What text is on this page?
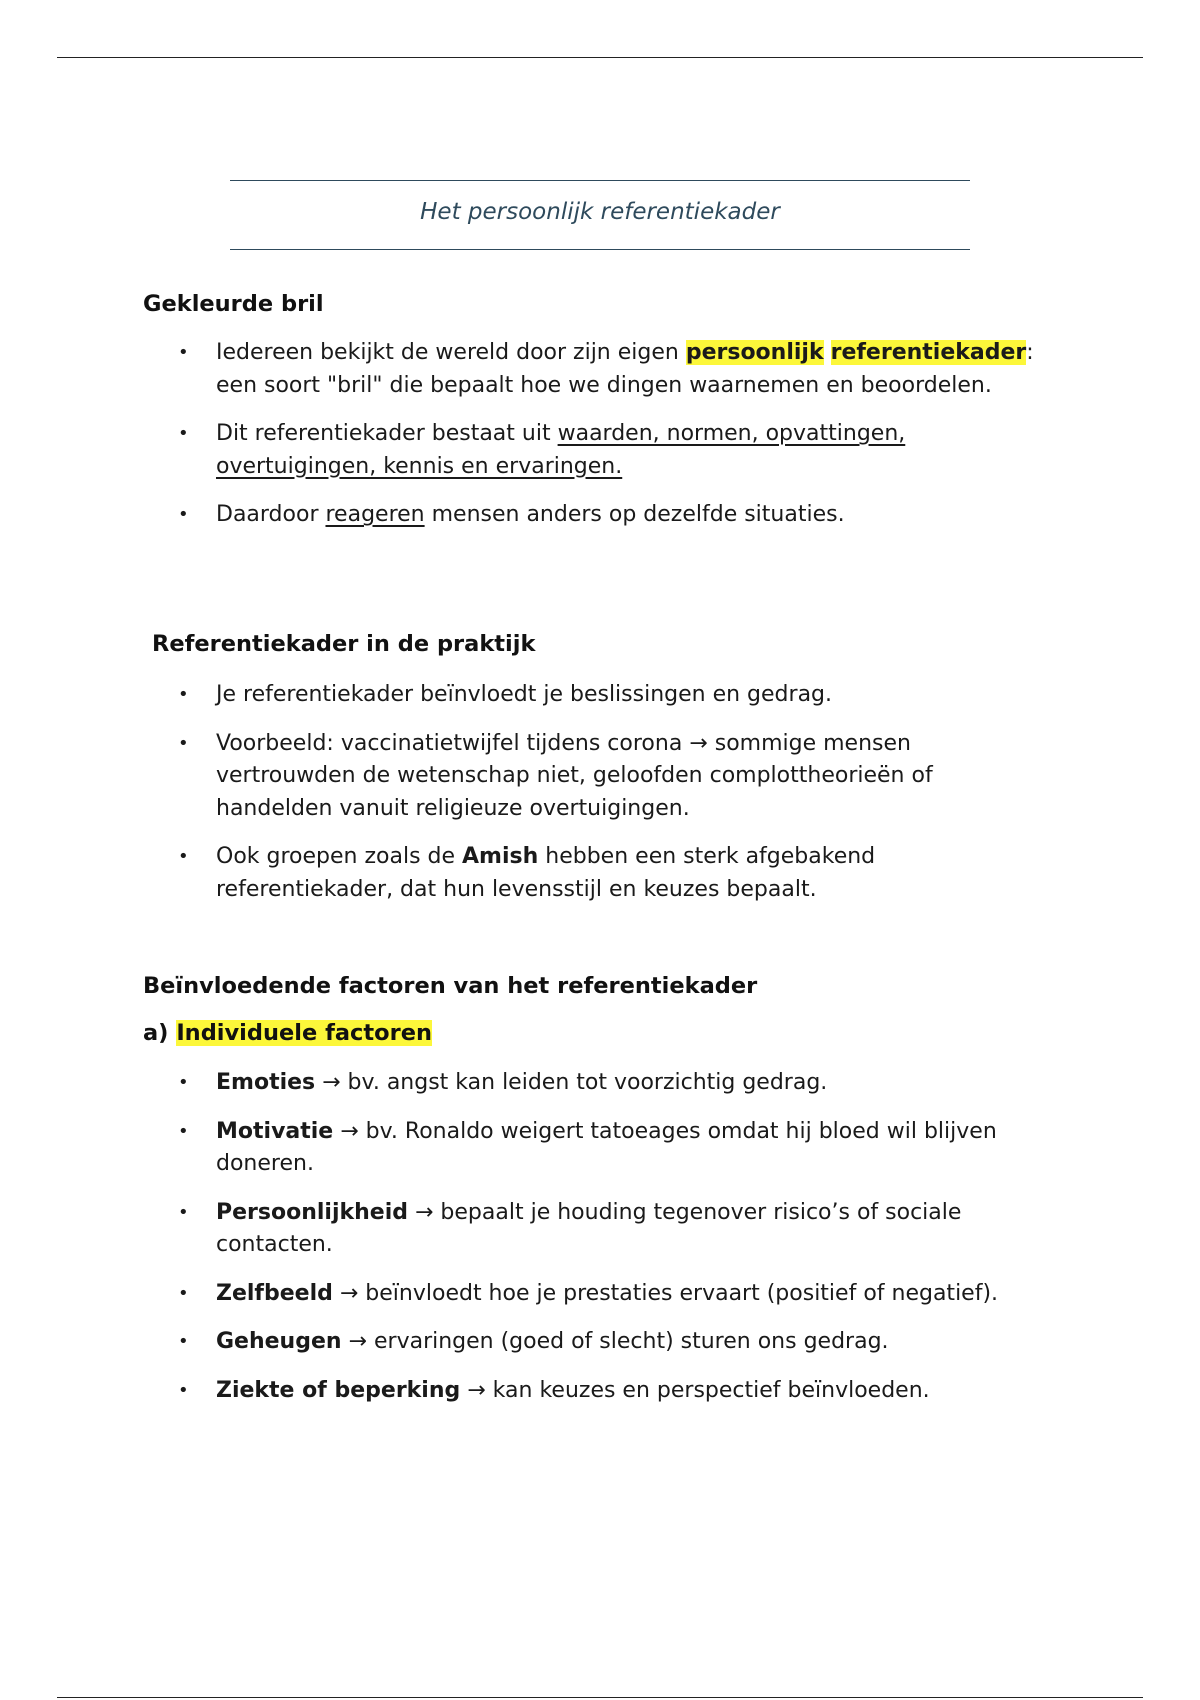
Het persoonlijk referentiekader
Gekleurde bril
• Iedereen bekijkt de wereld door zijn eigen persoonlijk referentiekader: een soort "bril" die bepaalt hoe we dingen waarnemen en beoordelen.
• Dit referentiekader bestaat uit waarden, normen, opvattingen, overtuigingen, kennis en ervaringen.
• Daardoor reageren mensen anders op dezelfde situaties.
Referentiekader in de praktijk
• Je referentiekader beïnvloedt je beslissingen en gedrag.
• Voorbeeld: vaccinatietwijfel tijdens corona → sommige mensen vertrouwden de wetenschap niet, geloofden complottheorieën of handelden vanuit religieuze overtuigingen.
• Ook groepen zoals de Amish hebben een sterk afgebakend referentiekader, dat hun levensstijl en keuzes bepaalt.
Beïnvloedende factoren van het referentiekader
a) Individuele factoren
• Emoties → bv. angst kan leiden tot voorzichtig gedrag.
• Motivatie → bv. Ronaldo weigert tatoeages omdat hij bloed wil blijven doneren.
• Persoonlijkheid → bepaalt je houding tegenover risico’s of sociale contacten.
• Zelfbeeld → beïnvloedt hoe je prestaties ervaart (positief of negatief).
• Geheugen → ervaringen (goed of slecht) sturen ons gedrag.
• Ziekte of beperking → kan keuzes en perspectief beïnvloeden.
